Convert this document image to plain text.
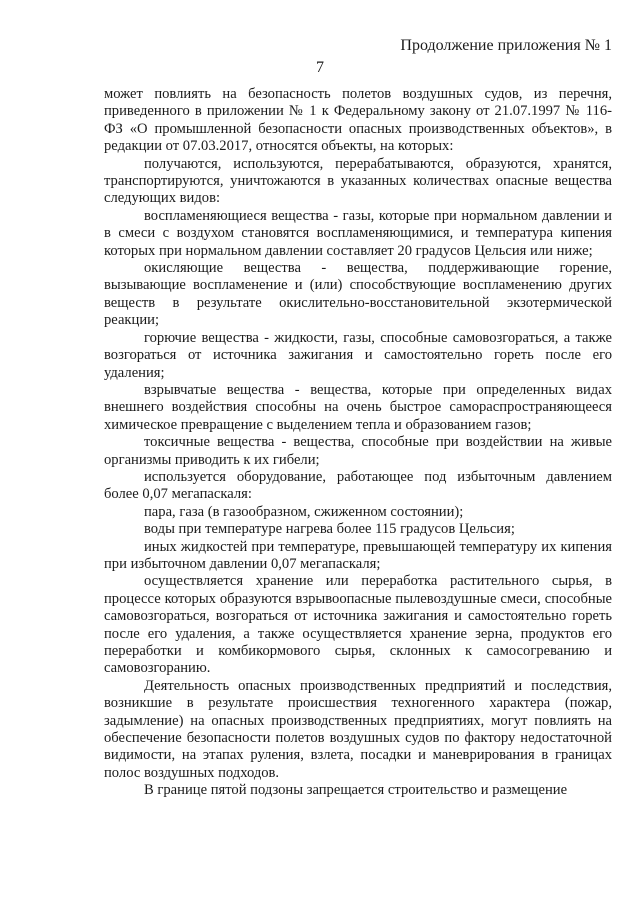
Продолжение приложения № 1
7

может повлиять на безопасность полетов воздушных судов, из перечня, приведенного в приложении № 1 к Федеральному закону от 21.07.1997 № 116-ФЗ «О промышленной безопасности опасных производственных объектов», в редакции от 07.03.2017, относятся объекты, на которых:

получаются, используются, перерабатываются, образуются, хранятся, транспортируются, уничтожаются в указанных количествах опасные вещества следующих видов:

воспламеняющиеся вещества - газы, которые при нормальном давлении и в смеси с воздухом становятся воспламеняющимися, и температура кипения которых при нормальном давлении составляет 20 градусов Цельсия или ниже;

окисляющие вещества - вещества, поддерживающие горение, вызывающие воспламенение и (или) способствующие воспламенению других веществ в результате окислительно-восстановительной экзотермической реакции;

горючие вещества - жидкости, газы, способные самовозгораться, а также возгораться от источника зажигания и самостоятельно гореть после его удаления;

взрывчатые вещества - вещества, которые при определенных видах внешнего воздействия способны на очень быстрое самораспространяющееся химическое превращение с выделением тепла и образованием газов;

токсичные вещества - вещества, способные при воздействии на живые организмы приводить к их гибели;

используется оборудование, работающее под избыточным давлением более 0,07 мегапаскаля:

пара, газа (в газообразном, сжиженном состоянии);

воды при температуре нагрева более 115 градусов Цельсия;

иных жидкостей при температуре, превышающей температуру их кипения при избыточном давлении 0,07 мегапаскаля;

осуществляется хранение или переработка растительного сырья, в процессе которых образуются взрывоопасные пылевоздушные смеси, способные самовозгораться, возгораться от источника зажигания и самостоятельно гореть после его удаления, а также осуществляется хранение зерна, продуктов его переработки и комбикормового сырья, склонных к самосогреванию и самовозгоранию.

Деятельность опасных производственных предприятий и последствия, возникшие в результате происшествия техногенного характера (пожар, задымление) на опасных производственных предприятиях, могут повлиять на обеспечение безопасности полетов воздушных судов по фактору недостаточной видимости, на этапах руления, взлета, посадки и маневрирования в границах полос воздушных подходов.

В границе пятой подзоны запрещается строительство и размещение
